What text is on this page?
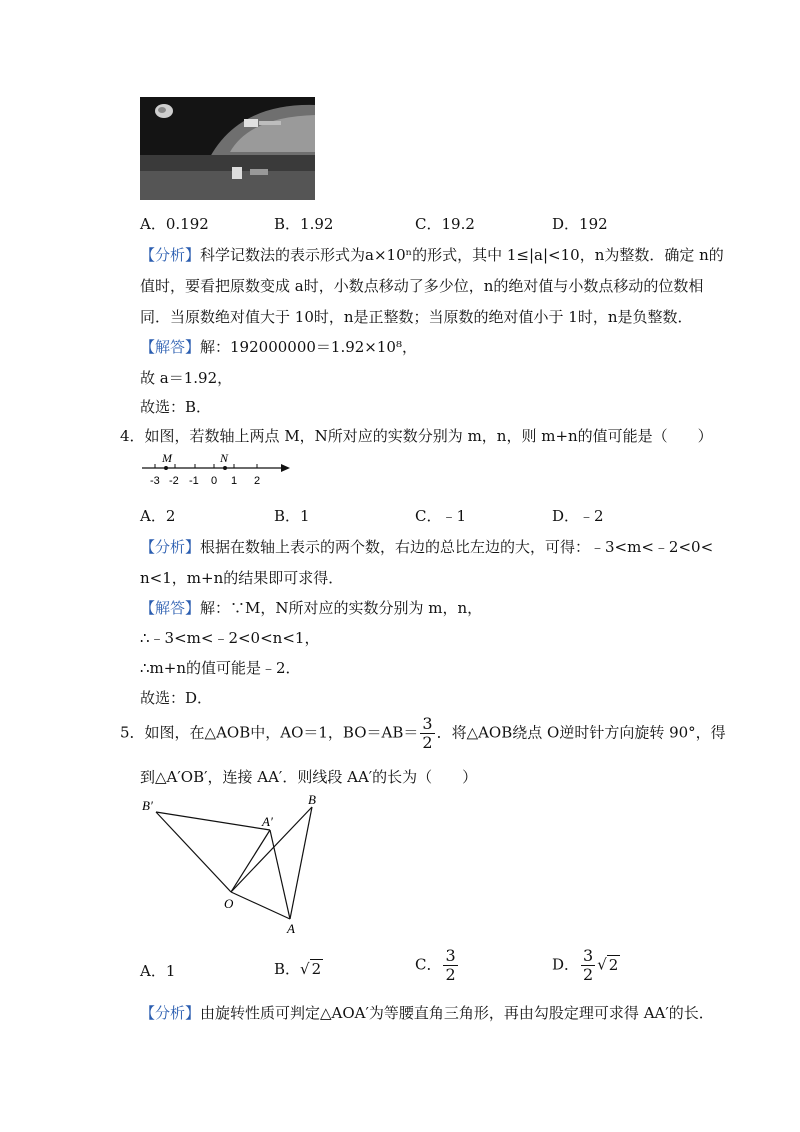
A．0.192	B．1.92	C．19.2	D．192
【分析】科学记数法的表示形式为a×10ⁿ的形式，其中 1≤|a|<10，n为整数．确定 n的
值时，要看把原数变成 a时，小数点移动了多少位，n的绝对值与小数点移动的位数相
同．当原数绝对值大于 10时，n是正整数；当原数的绝对值小于 1时，n是负整数．
【解答】解：192000000＝1.92×10⁸，
故 a＝1.92，
故选：B．
4．如图，若数轴上两点 M，N所对应的实数分别为 m，n，则 m+n的值可能是（　　）
M	N
-3 -2 -1 0 1 2
A．2	B．1	C．﹣1	D．﹣2
【分析】根据在数轴上表示的两个数，右边的总比左边的大，可得：﹣3<m<﹣2<0<
n<1，m+n的结果即可求得．
【解答】解：∵M，N所对应的实数分别为 m，n，
∴﹣3<m<﹣2<0<n<1，
∴m+n的值可能是﹣2．
故选：D．
5．如图，在△AOB中，AO＝1，$BO=AB= \frac{3}{2}$ ．将△AOB绕点 O逆时针方向旋转 90°，得
到△A′OB′，连接 AA′．则线段 AA′的长为（　　）
B′
A′
B
O
A
A．1	B．√ 2	C． $\frac{3}{2}$	D． $\frac{3}{2}$ √ 2
【分析】由旋转性质可判定△AOA′为等腰直角三角形，再由勾股定理可求得 AA′的长．
